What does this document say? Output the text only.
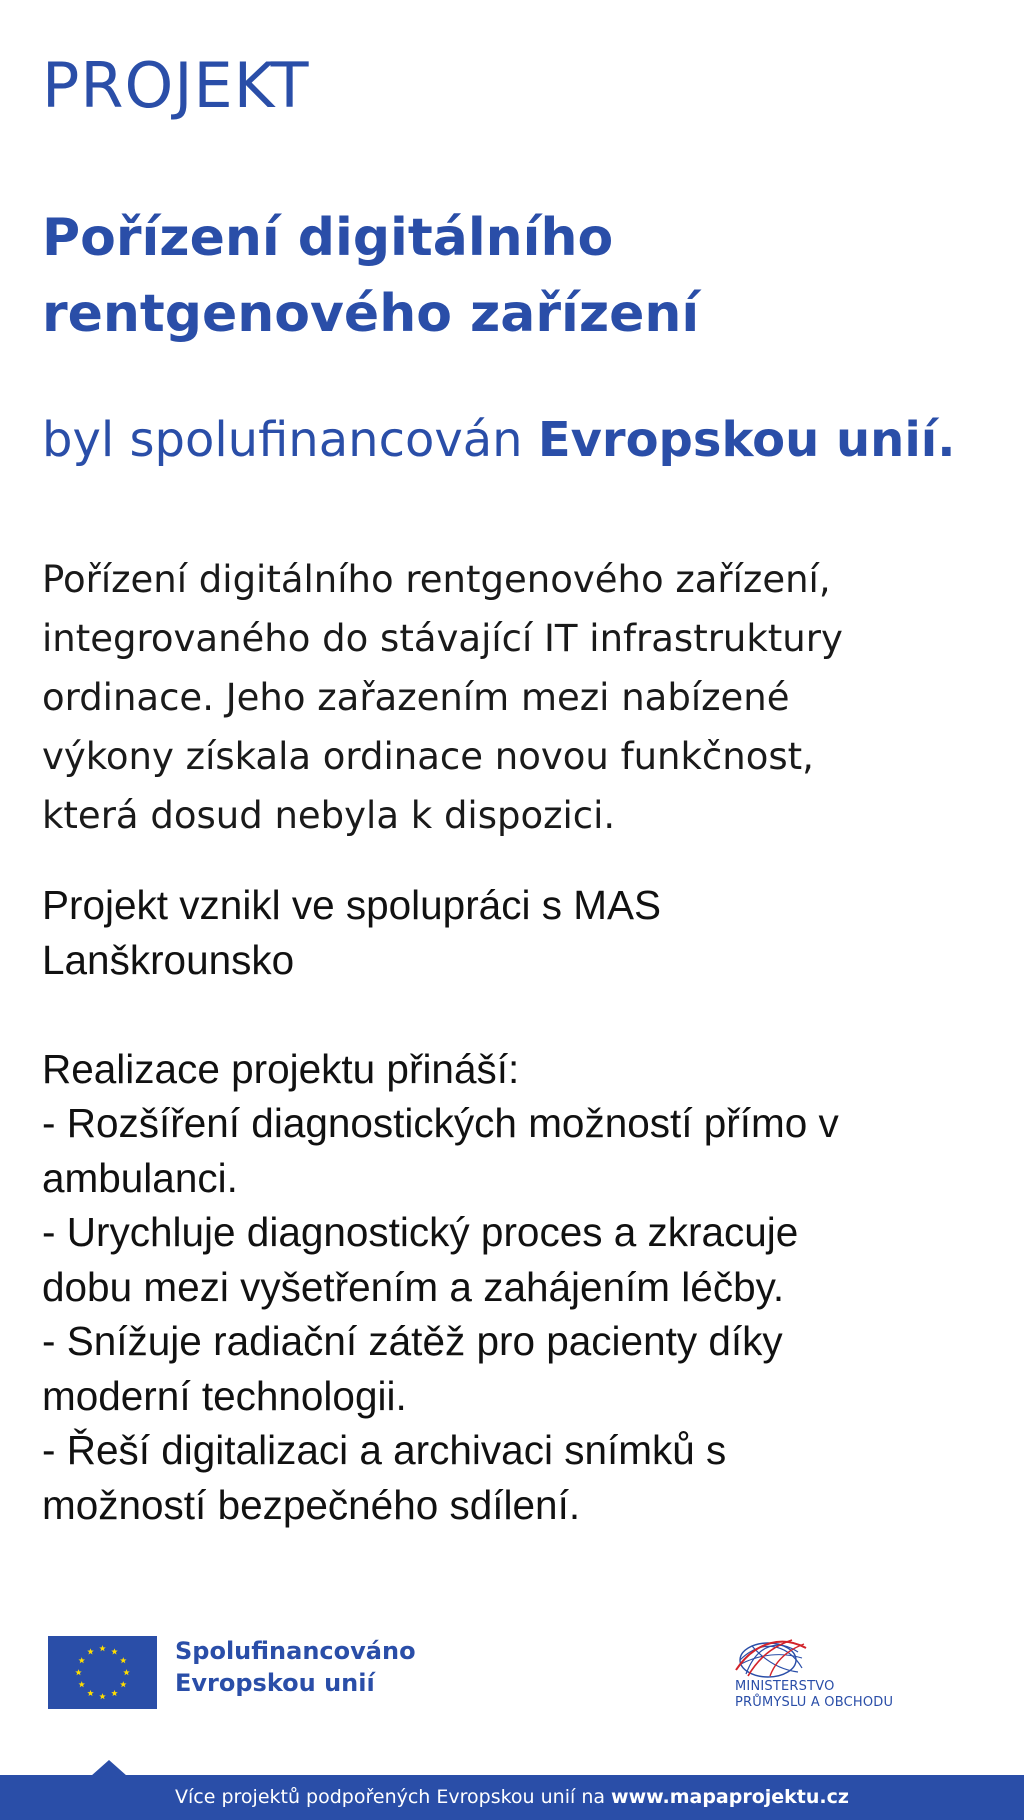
PROJEKT
Pořízení digitálního
rentgenového zařízení

byl spolufinancován Evropskou unií.

Pořízení digitálního rentgenového zařízení,
integrovaného do stávající IT infrastruktury
ordinace. Jeho zařazením mezi nabízené
výkony získala ordinace novou funkčnost,
která dosud nebyla k dispozici.

Projekt vznikl ve spolupráci s MAS
Lanškrounsko
Realizace projektu přináší:
- Rozšíření diagnostických možností přímo v
ambulanci.
- Urychluje diagnostický proces a zkracuje
dobu mezi vyšetřením a zahájením léčby.
- Snížuje radiační zátěž pro pacienty díky
moderní technologii.
- Řeší digitalizaci a archivaci snímků s
možností bezpečného sdílení.
Spolufinancováno
Evropskou unií	MINISTERSTVO
PRŮMYSLU A OBCHODU
Více projektů podpořených Evropskou unií na www.mapaprojektu.cz
